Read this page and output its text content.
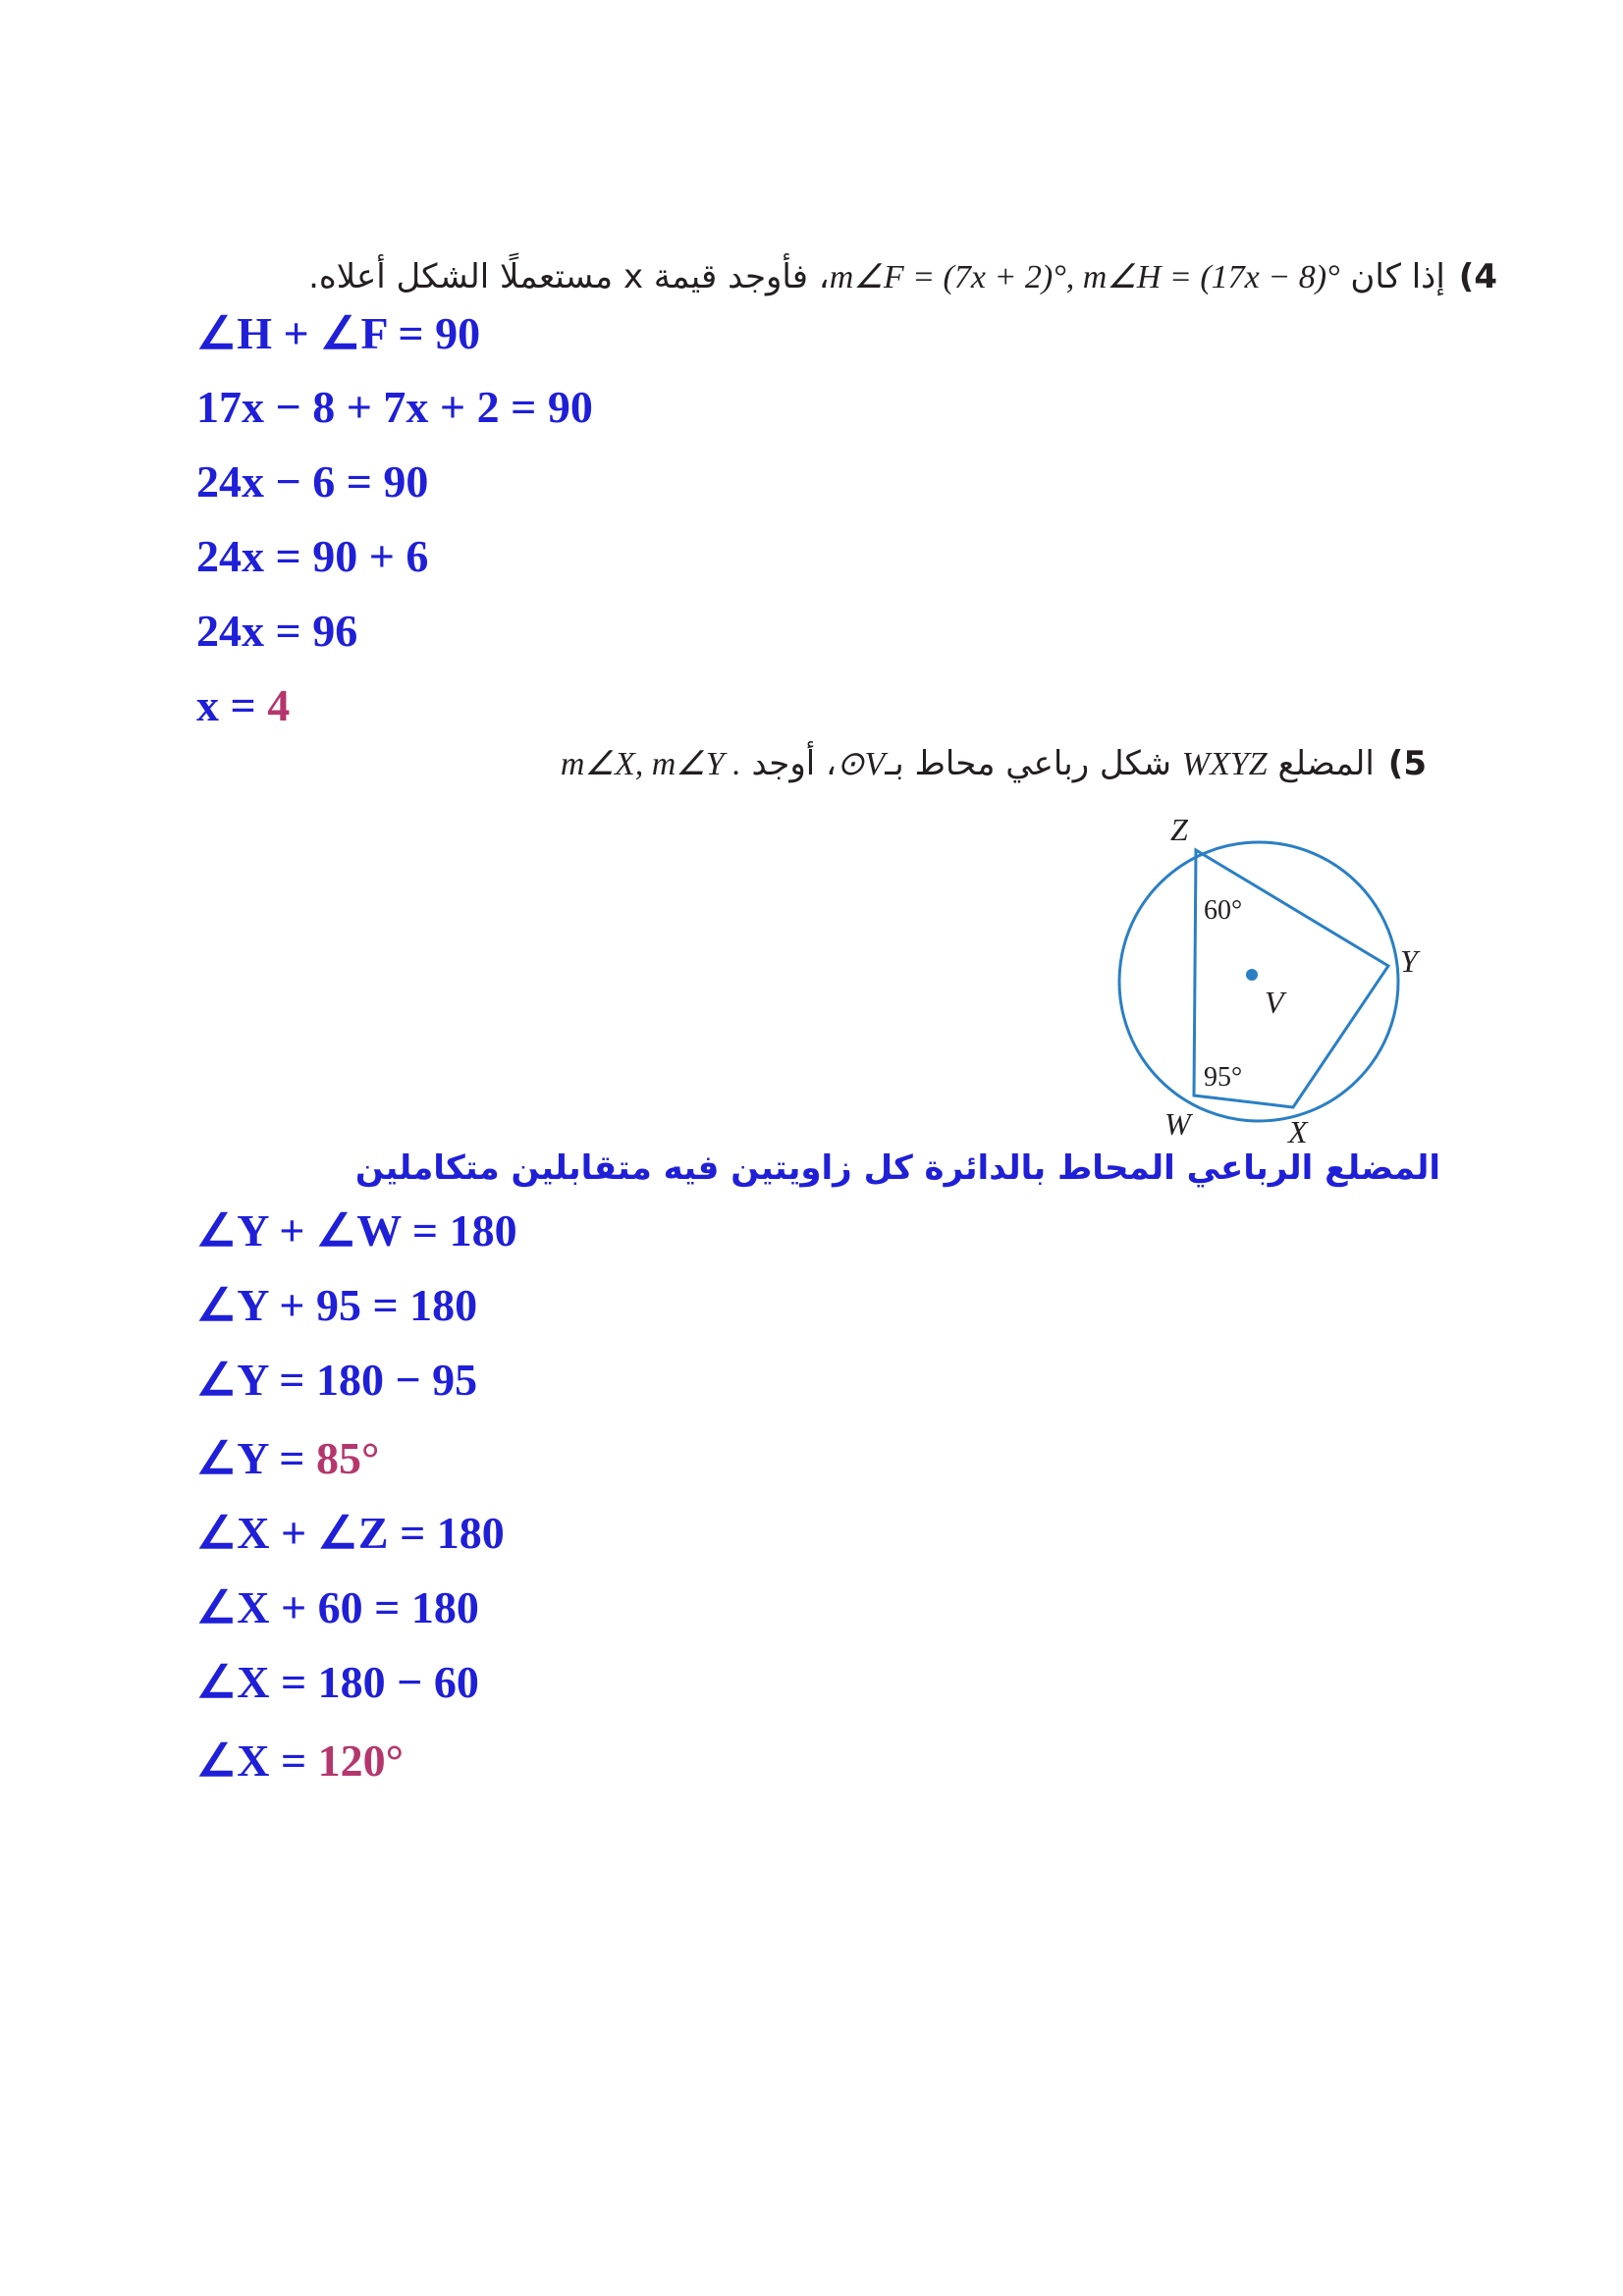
4)إذا كان m∠F = (7x + 2)°, m∠H = (17x − 8)°، فأوجد قيمة x مستعملًا الشكل أعلاه.
∠H + ∠F = 90
17x − 8 + 7x + 2 = 90
24x − 6 = 90
24x = 90 + 6
24x = 96
x = 4
5)المضلع WXYZ شكل رباعي محاط بـ⊙V، أوجد m∠X, m∠Y .
Z
Y
W	X
V
60°
95°
المضلع الرباعي المحاط بالدائرة كل زاويتين فيه متقابلين متكاملين
∠Y + ∠W = 180
∠Y + 95 = 180
∠Y = 180 − 95
∠Y = 85°
∠X + ∠Z = 180
∠X + 60 = 180
∠X = 180 − 60
∠X = 120°
